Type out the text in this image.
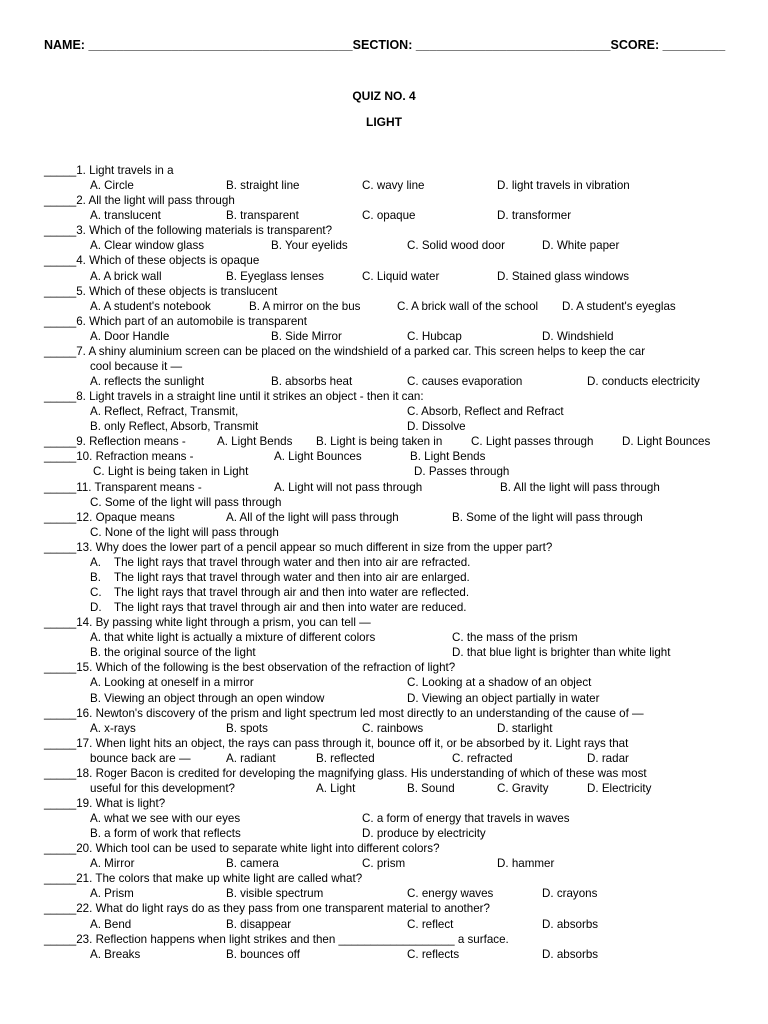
NAME: ______________________________________SECTION: ____________________________SCORE: _________
QUIZ NO. 4
LIGHT
_____1. Light travels in a
A. Circle	B. straight line	C. wavy line	D. light travels in vibration
_____2. All the light will pass through
A. translucent	B. transparent	C. opaque	D. transformer
_____3. Which of the following materials is transparent?
A. Clear window glass	B. Your eyelids	C. Solid wood door	D. White paper
_____4. Which of these objects is opaque
A. A brick wall	B. Eyeglass lenses	C. Liquid water	D. Stained glass windows
_____5. Which of these objects is translucent
A. A student's notebook	B. A mirror on the bus	C. A brick wall of the school D. A student's eyeglas
_____6. Which part of an automobile is transparent
A. Door Handle	B. Side Mirror	C. Hubcap	D. Windshield
_____7. A shiny aluminium screen can be placed on the windshield of a parked car. This screen helps to keep the car
cool because it —
A. reflects the sunlight	B. absorbs heat	C. causes evaporation	D. conducts electricity
_____8. Light travels in a straight line until it strikes an object - then it can:
A. Reflect, Refract, Transmit,	C. Absorb, Reflect and Refract
B. only Reflect, Absorb, Transmit	D. Dissolve
_____9. Reflection means -	A. Light Bends B. Light is being taken in C. Light passes through D. Light Bounces
_____10. Refraction means -	A. Light Bounces	B. Light Bends
C. Light is being taken in Light	D. Passes through
_____11. Transparent means -	A. Light will not pass through	B. All the light will pass through
C. Some of the light will pass through
_____12. Opaque means	A. All of the light will pass through	B. Some of the light will pass through
C. None of the light will pass through
_____13. Why does the lower part of a pencil appear so much different in size from the upper part?
A. The light rays that travel through water and then into air are refracted.
B. The light rays that travel through water and then into air are enlarged.
C. The light rays that travel through air and then into water are reflected.
D. The light rays that travel through air and then into water are reduced.
_____14. By passing white light through a prism, you can tell —
A. that white light is actually a mixture of different colors	C. the mass of the prism
B. the original source of the light	D. that blue light is brighter than white light
_____15. Which of the following is the best observation of the refraction of light?
A. Looking at oneself in a mirror	C. Looking at a shadow of an object
B. Viewing an object through an open window	D. Viewing an object partially in water
_____16. Newton's discovery of the prism and light spectrum led most directly to an understanding of the cause of —
A. x-rays	B. spots	C. rainbows	D. starlight
_____17. When light hits an object, the rays can pass through it, bounce off it, or be absorbed by it. Light rays that
bounce back are —	A. radiant	B. reflected	C. refracted	D. radar
_____18. Roger Bacon is credited for developing the magnifying glass. His understanding of which of these was most
useful for this development?	A. Light	B. Sound	C. Gravity	D. Electricity
_____19. What is light?
A. what we see with our eyes	C. a form of energy that travels in waves
B. a form of work that reflects	D. produce by electricity
_____20. Which tool can be used to separate white light into different colors?
A. Mirror	B. camera	C. prism	D. hammer
_____21. The colors that make up white light are called what?
A. Prism	B. visible spectrum	C. energy waves	D. crayons
_____22. What do light rays do as they pass from one transparent material to another?
A. Bend	B. disappear	C. reflect	D. absorbs
_____23. Reflection happens when light strikes and then __________________ a surface.
A. Breaks	B. bounces off	C. reflects	D. absorbs
